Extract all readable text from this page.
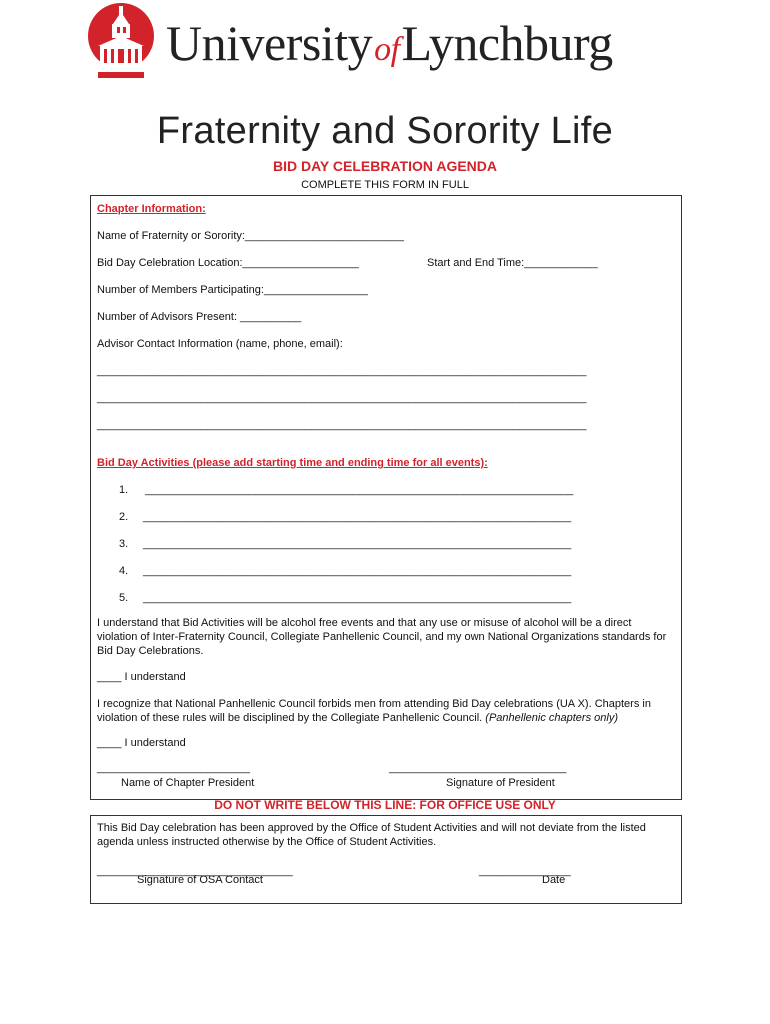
UniversityofLynchburg
Fraternity and Sorority Life
BID DAY CELEBRATION AGENDA
COMPLETE THIS FORM IN FULL
Chapter Information:
Name of Fraternity or Sorority:__________________________
Bid Day Celebration Location:___________________	Start and End Time:____________
Number of Members Participating:_________________
Number of Advisors Present: __________
Advisor Contact Information (name, phone, email):
________________________________________________________________________________
________________________________________________________________________________
________________________________________________________________________________
Bid Day Activities (please add starting time and ending time for all events):
1. ______________________________________________________________________
2. ______________________________________________________________________
3. ______________________________________________________________________
4. ______________________________________________________________________
5. ______________________________________________________________________
I understand that Bid Activities will be alcohol free events and that any use or misuse of alcohol will be a direct violation of Inter-Fraternity Council, Collegiate Panhellenic Council, and my own National Organizations standards for Bid Day Celebrations.
____ I understand
I recognize that National Panhellenic Council forbids men from attending Bid Day celebrations (UA X). Chapters in violation of these rules will be disciplined by the Collegiate Panhellenic Council. (Panhellenic chapters only)
____ I understand
_________________________
Name of Chapter President
_____________________________
Signature of President
DO NOT WRITE BELOW THIS LINE: FOR OFFICE USE ONLY
This Bid Day celebration has been approved by the Office of Student Activities and will not deviate from the listed agenda unless instructed otherwise by the Office of Student Activities.
________________________________
Signature of OSA Contact
_______________
Date
